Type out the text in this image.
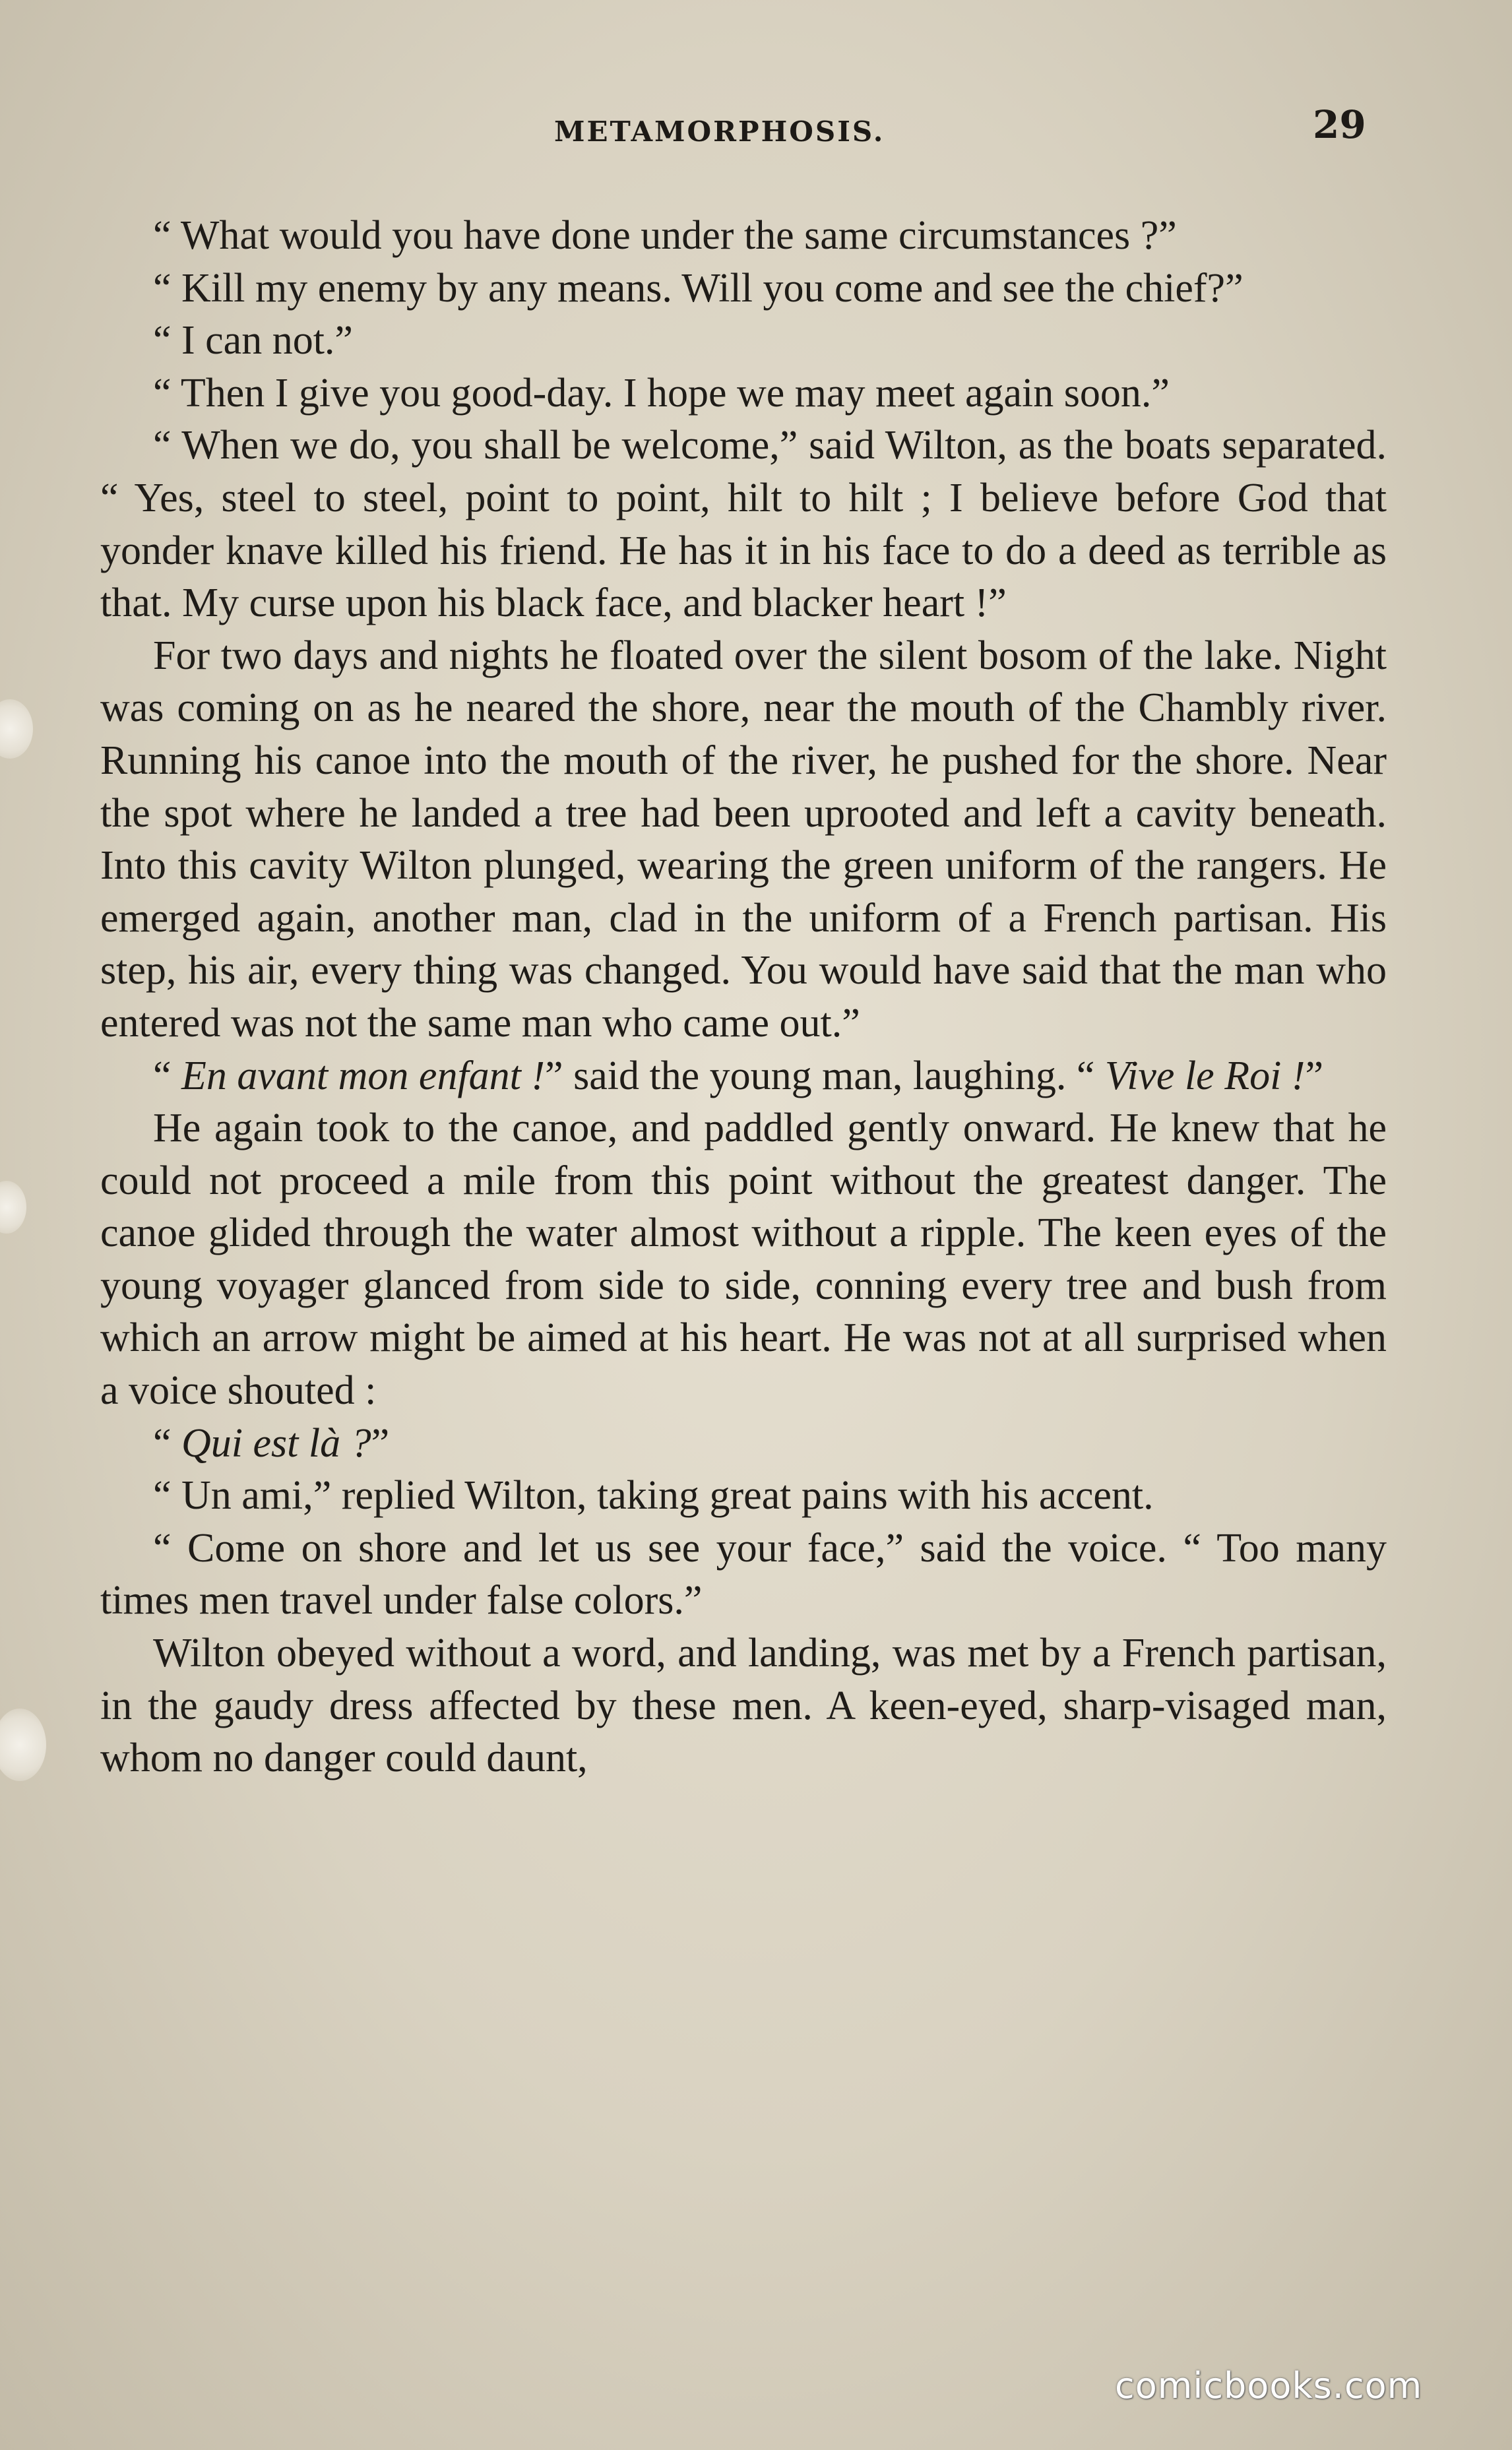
METAMORPHOSIS.	29

“ What would you have done under the same circumstances ?”

“ Kill my enemy by any means. Will you come and see the chief?”

“ I can not.”

“ Then I give you good-day. I hope we may meet again soon.”

“ When we do, you shall be welcome,” said Wilton, as the boats separated. “ Yes, steel to steel, point to point, hilt to hilt ; I believe before God that yonder knave killed his friend. He has it in his face to do a deed as terrible as that. My curse upon his black face, and blacker heart !”

For two days and nights he floated over the silent bosom of the lake. Night was coming on as he neared the shore, near the mouth of the Chambly river. Running his canoe into the mouth of the river, he pushed for the shore. Near the spot where he landed a tree had been uprooted and left a cavity beneath. Into this cavity Wilton plunged, wearing the green uniform of the rangers. He emerged again, another man, clad in the uniform of a French partisan. His step, his air, every thing was changed. You would have said that the man who entered was not the same man who came out.”

“ En avant mon enfant !” said the young man, laughing. “ Vive le Roi !”

He again took to the canoe, and paddled gently onward. He knew that he could not proceed a mile from this point without the greatest danger. The canoe glided through the water almost without a ripple. The keen eyes of the young voyager glanced from side to side, conning every tree and bush from which an arrow might be aimed at his heart. He was not at all surprised when a voice shouted :

“ Qui est là ?”

“ Un ami,” replied Wilton, taking great pains with his accent.

“ Come on shore and let us see your face,” said the voice. “ Too many times men travel under false colors.”

Wilton obeyed without a word, and landing, was met by a French partisan, in the gaudy dress affected by these men. A keen-eyed, sharp-visaged man, whom no danger could daunt,

comicbooks.com
